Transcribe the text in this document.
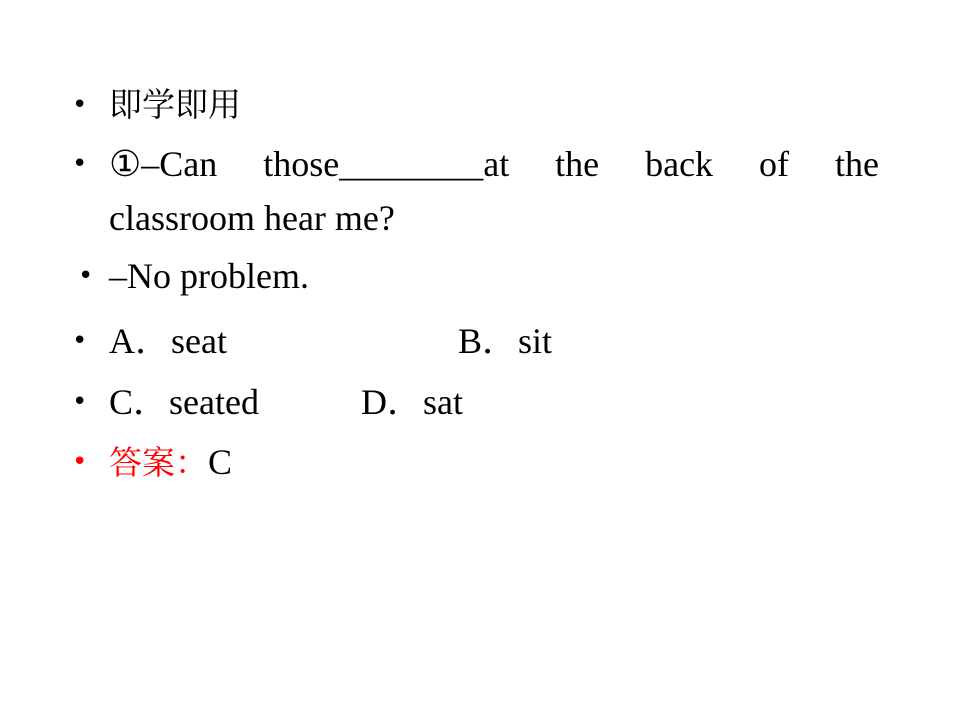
• 即学即用
• ①–Can those________at the back of the
classroom hear me?
• –No problem.
• A．seat	B．sit
• C．seated	D．sat
• 答案：C
